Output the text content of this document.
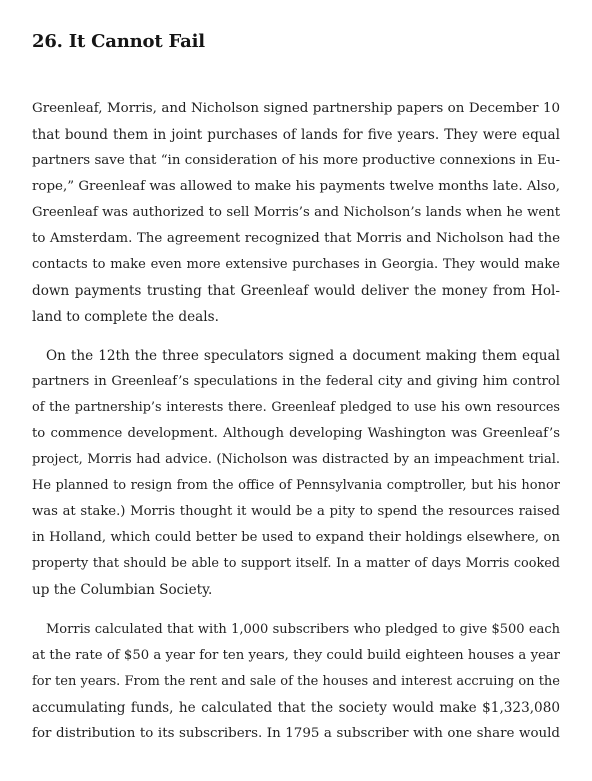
26. It Cannot Fail
Greenleaf, Morris, and Nicholson signed partnership papers on December 10
that bound them in joint purchases of lands for five years. They were equal
partners save that “in consideration of his more productive connexions in Eu-
rope,” Greenleaf was allowed to make his payments twelve months late. Also,
Greenleaf was authorized to sell Morris’s and Nicholson’s lands when he went
to Amsterdam. The agreement recognized that Morris and Nicholson had the
contacts to make even more extensive purchases in Georgia. They would make
down payments trusting that Greenleaf would deliver the money from Hol-
land to complete the deals.
On the 12th the three speculators signed a document making them equal
partners in Greenleaf’s speculations in the federal city and giving him control
of the partnership’s interests there. Greenleaf pledged to use his own resources
to commence development. Although developing Washington was Greenleaf’s
project, Morris had advice. (Nicholson was distracted by an impeachment trial.
He planned to resign from the office of Pennsylvania comptroller, but his honor
was at stake.) Morris thought it would be a pity to spend the resources raised
in Holland, which could better be used to expand their holdings elsewhere, on
property that should be able to support itself. In a matter of days Morris cooked
up the Columbian Society.
Morris calculated that with 1,000 subscribers who pledged to give $500 each
at the rate of $50 a year for ten years, they could build eighteen houses a year
for ten years. From the rent and sale of the houses and interest accruing on the
accumulating funds, he calculated that the society would make $1,323,080
for distribution to its subscribers. In 1795 a subscriber with one share would
